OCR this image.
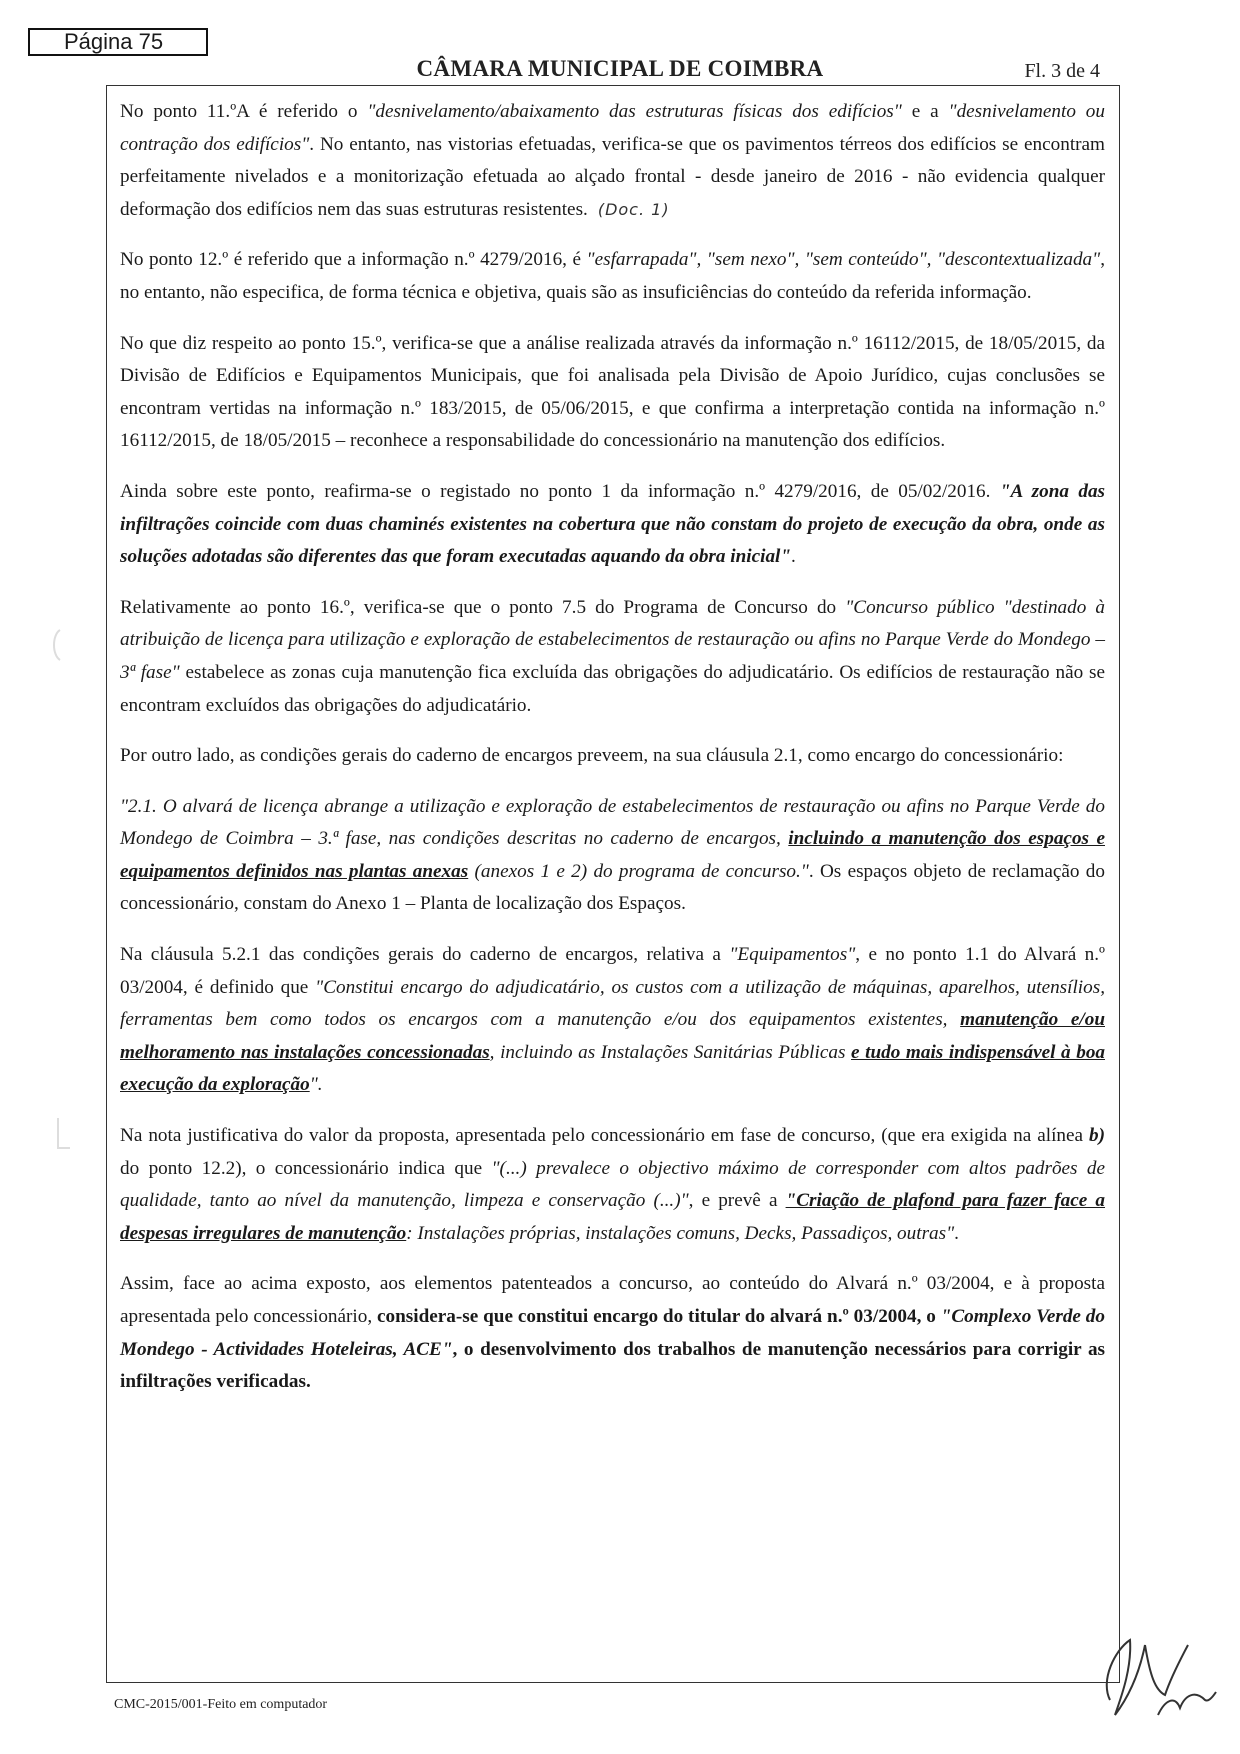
Página 75
CÂMARA MUNICIPAL DE COIMBRA	Fl. 3 de 4

No ponto 11.ºA é referido o "desnivelamento/abaixamento das estruturas físicas dos edifícios" e a "desnivelamento ou contração dos edifícios". No entanto, nas vistorias efetuadas, verifica-se que os pavimentos térreos dos edifícios se encontram perfeitamente nivelados e a monitorização efetuada ao alçado frontal - desde janeiro de 2016 - não evidencia qualquer deformação dos edifícios nem das suas estruturas resistentes. (Doc. 1)

No ponto 12.º é referido que a informação n.º 4279/2016, é "esfarrapada", "sem nexo", "sem conteúdo", "descontextualizada", no entanto, não especifica, de forma técnica e objetiva, quais são as insuficiências do conteúdo da referida informação.

No que diz respeito ao ponto 15.º, verifica-se que a análise realizada através da informação n.º 16112/2015, de 18/05/2015, da Divisão de Edifícios e Equipamentos Municipais, que foi analisada pela Divisão de Apoio Jurídico, cujas conclusões se encontram vertidas na informação n.º 183/2015, de 05/06/2015, e que confirma a interpretação contida na informação n.º 16112/2015, de 18/05/2015 – reconhece a responsabilidade do concessionário na manutenção dos edifícios.

Ainda sobre este ponto, reafirma-se o registado no ponto 1 da informação n.º 4279/2016, de 05/02/2016. "A zona das infiltrações coincide com duas chaminés existentes na cobertura que não constam do projeto de execução da obra, onde as soluções adotadas são diferentes das que foram executadas aquando da obra inicial".

Relativamente ao ponto 16.º, verifica-se que o ponto 7.5 do Programa de Concurso do "Concurso público "destinado à atribuição de licença para utilização e exploração de estabelecimentos de restauração ou afins no Parque Verde do Mondego – 3ª fase" estabelece as zonas cuja manutenção fica excluída das obrigações do adjudicatário. Os edifícios de restauração não se encontram excluídos das obrigações do adjudicatário.

Por outro lado, as condições gerais do caderno de encargos preveem, na sua cláusula 2.1, como encargo do concessionário:

"2.1. O alvará de licença abrange a utilização e exploração de estabelecimentos de restauração ou afins no Parque Verde do Mondego de Coimbra – 3.ª fase, nas condições descritas no caderno de encargos, incluindo a manutenção dos espaços e equipamentos definidos nas plantas anexas (anexos 1 e 2) do programa de concurso.". Os espaços objeto de reclamação do concessionário, constam do Anexo 1 – Planta de localização dos Espaços.

Na cláusula 5.2.1 das condições gerais do caderno de encargos, relativa a "Equipamentos", e no ponto 1.1 do Alvará n.º 03/2004, é definido que "Constitui encargo do adjudicatário, os custos com a utilização de máquinas, aparelhos, utensílios, ferramentas bem como todos os encargos com a manutenção e/ou dos equipamentos existentes, manutenção e/ou melhoramento nas instalações concessionadas, incluindo as Instalações Sanitárias Públicas e tudo mais indispensável à boa execução da exploração".

Na nota justificativa do valor da proposta, apresentada pelo concessionário em fase de concurso, (que era exigida na alínea b) do ponto 12.2), o concessionário indica que "(...) prevalece o objectivo máximo de corresponder com altos padrões de qualidade, tanto ao nível da manutenção, limpeza e conservação (...)", e prevê a "Criação de plafond para fazer face a despesas irregulares de manutenção: Instalações próprias, instalações comuns, Decks, Passadiços, outras".

Assim, face ao acima exposto, aos elementos patenteados a concurso, ao conteúdo do Alvará n.º 03/2004, e à proposta apresentada pelo concessionário, considera-se que constitui encargo do titular do alvará n.º 03/2004, o "Complexo Verde do Mondego - Actividades Hoteleiras, ACE", o desenvolvimento dos trabalhos de manutenção necessários para corrigir as infiltrações verificadas.

CMC-2015/001-Feito em computador
